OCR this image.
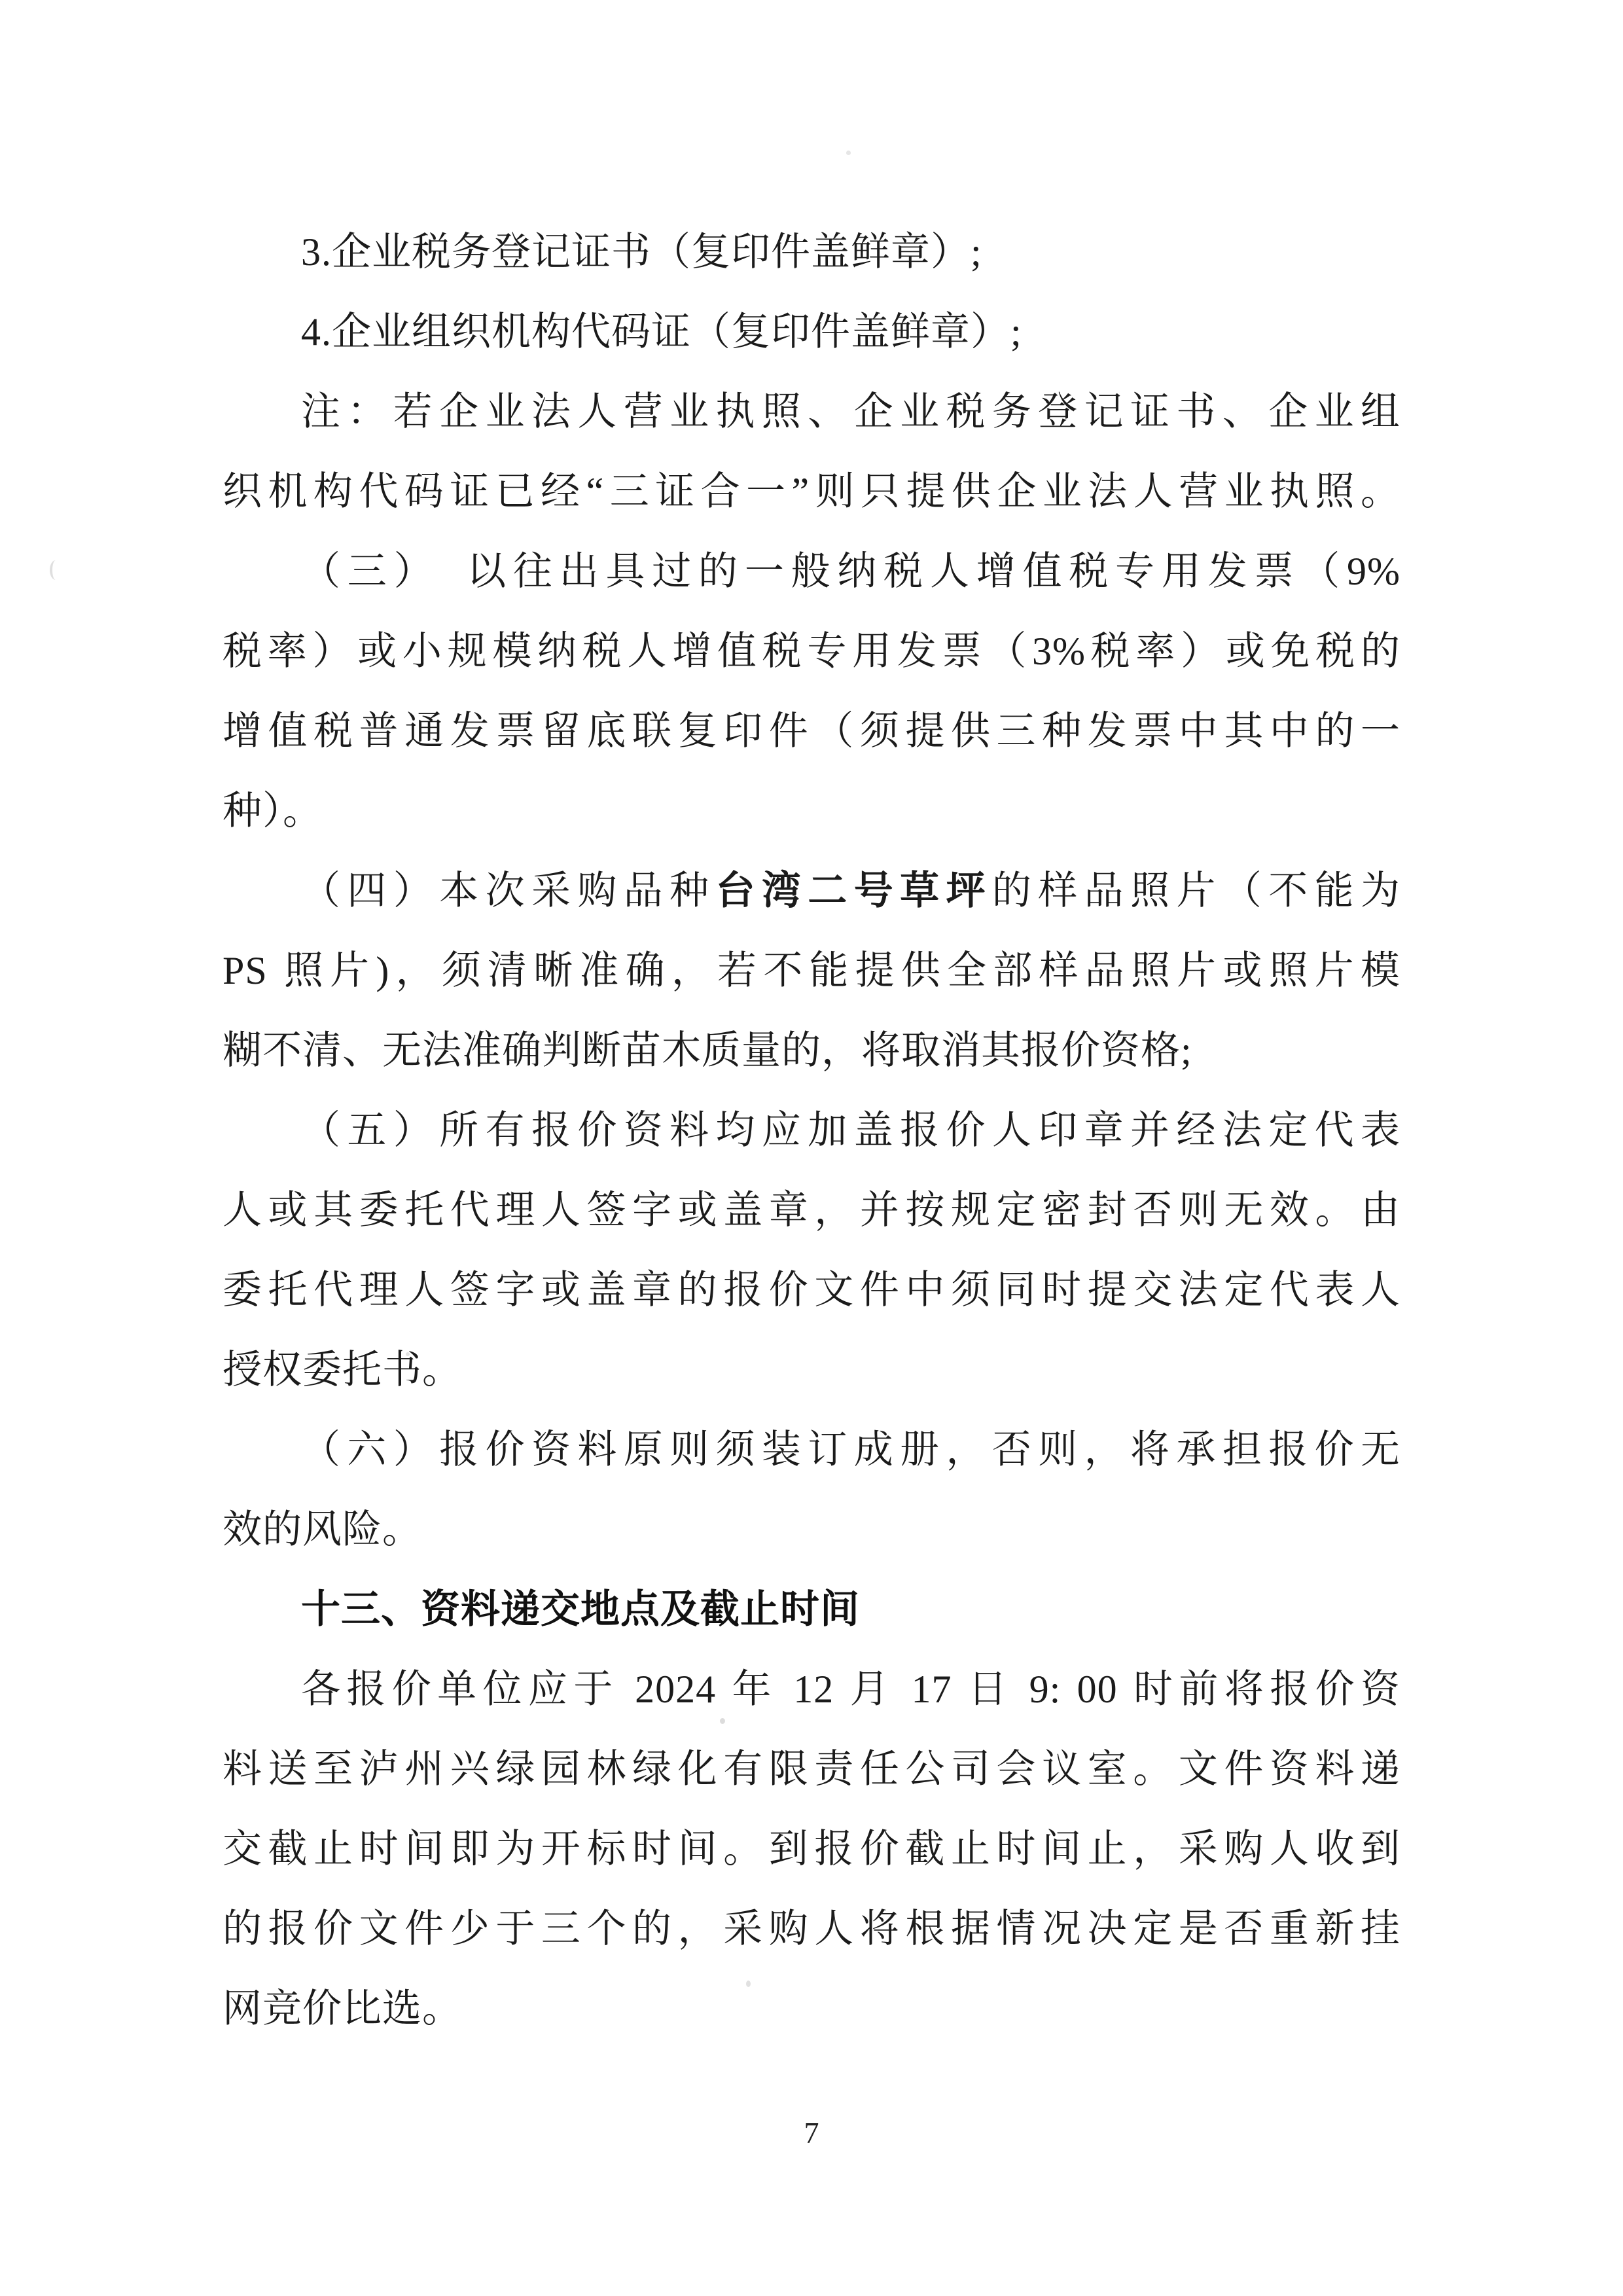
3.企业税务登记证书（复印件盖鲜章）;
4.企业组织机构代码证（复印件盖鲜章）;
注：若企业法人营业执照、企业税务登记证书、企业组
织机构代码证已经“三证合一”则只提供企业法人营业执照。
（三）　以往出具过的一般纳税人增值税专用发票（9%
税率）或小规模纳税人增值税专用发票（3%税率）或免税的
增值税普通发票留底联复印件（须提供三种发票中其中的一
种）。
（四）本次采购品种台湾二号草坪的样品照片（不能为
PS 照片)，须清晰准确，若不能提供全部样品照片或照片模
糊不清、无法准确判断苗木质量的，将取消其报价资格;
（五）所有报价资料均应加盖报价人印章并经法定代表
人或其委托代理人签字或盖章，并按规定密封否则无效。由
委托代理人签字或盖章的报价文件中须同时提交法定代表人
授权委托书。
（六）报价资料原则须装订成册，否则，将承担报价无
效的风险。
十三、资料递交地点及截止时间
各报价单位应于 2024 年 12 月 17 日 9: 00 时前将报价资
料送至泸州兴绿园林绿化有限责任公司会议室。文件资料递
交截止时间即为开标时间。到报价截止时间止，采购人收到
的报价文件少于三个的，采购人将根据情况决定是否重新挂
网竞价比选。
7
